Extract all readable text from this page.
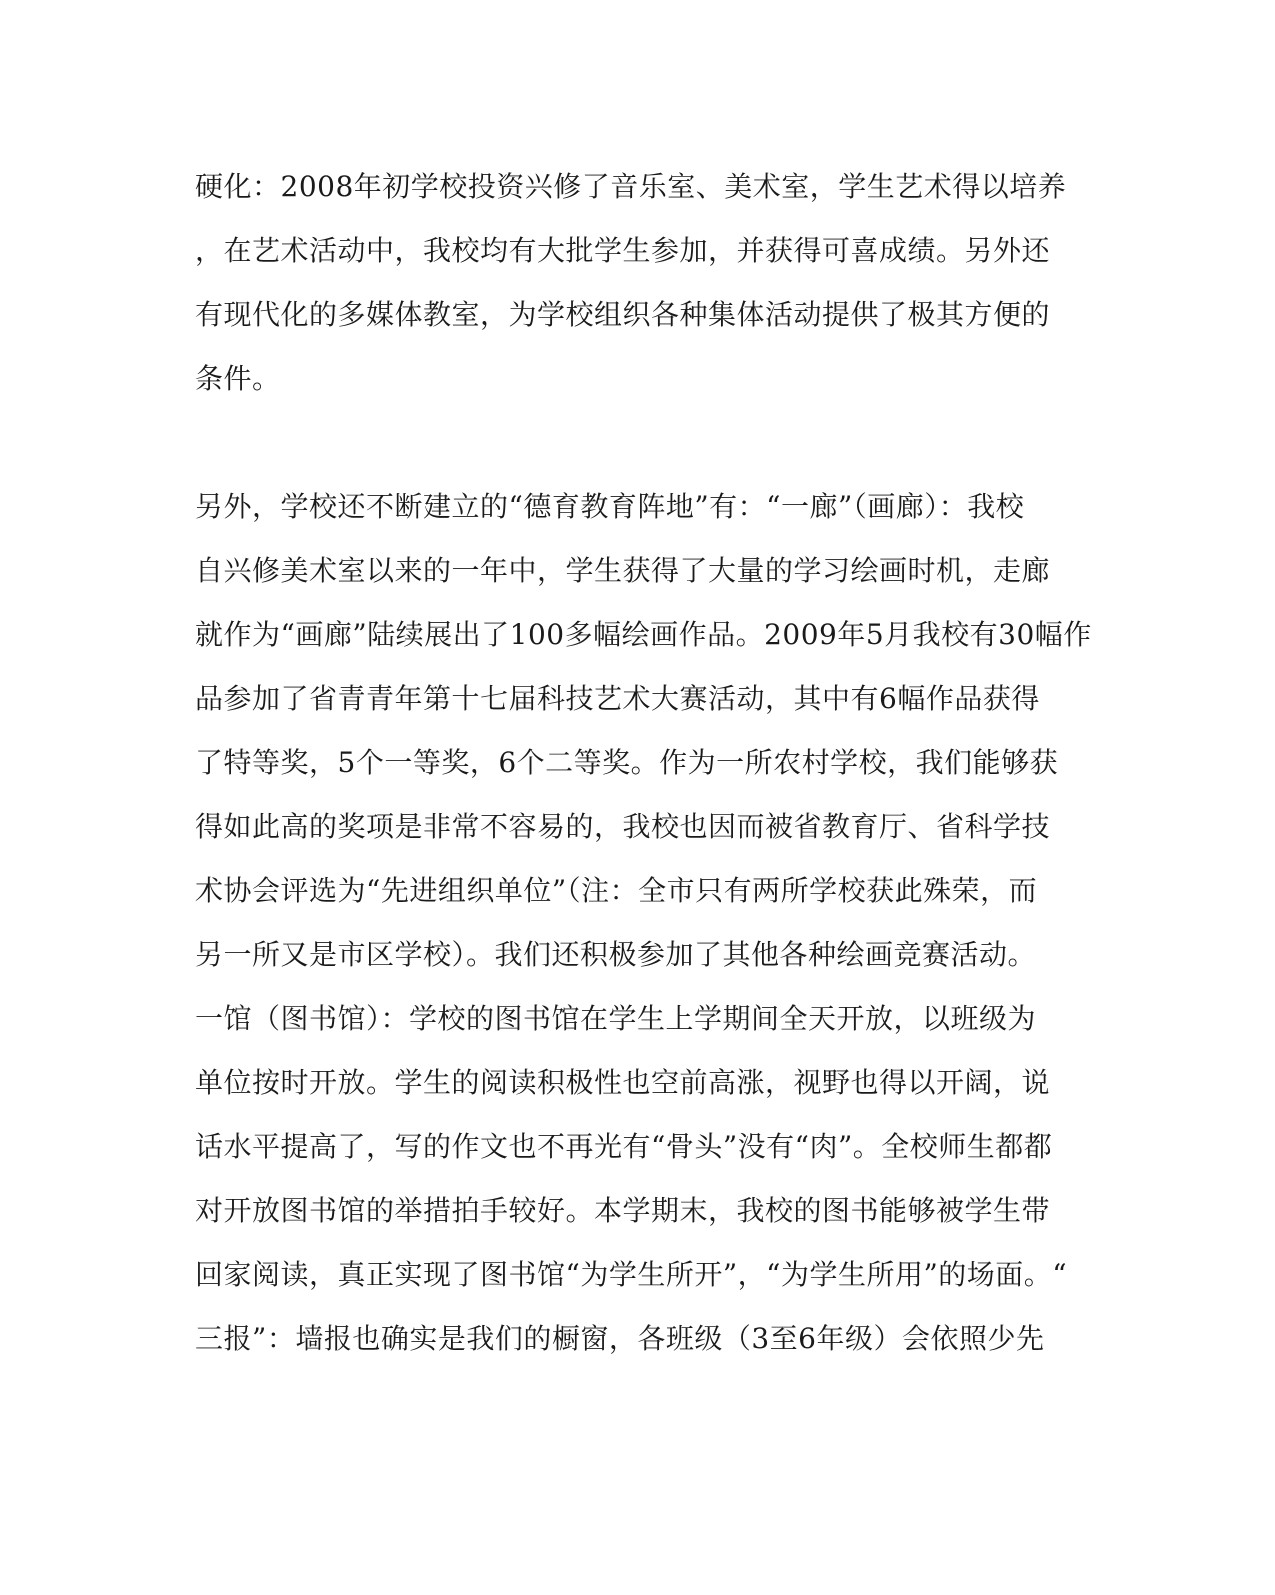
硬化：2008年初学校投资兴修了音乐室、美术室，学生艺术得以培养
，在艺术活动中，我校均有大批学生参加，并获得可喜成绩。另外还
有现代化的多媒体教室，为学校组织各种集体活动提供了极其方便的
条件。
另外，学校还不断建立的“德育教育阵地”有：“一廊”（画廊）：我校
自兴修美术室以来的一年中，学生获得了大量的学习绘画时机，走廊
就作为“画廊”陆续展出了100多幅绘画作品。2009年5月我校有30幅作
品参加了省青青年第十七届科技艺术大赛活动，其中有6幅作品获得
了特等奖，5个一等奖，6个二等奖。作为一所农村学校，我们能够获
得如此高的奖项是非常不容易的，我校也因而被省教育厅、省科学技
术协会评选为“先进组织单位”（注：全市只有两所学校获此殊荣，而
另一所又是市区学校）。我们还积极参加了其他各种绘画竞赛活动。
一馆（图书馆）：学校的图书馆在学生上学期间全天开放，以班级为
单位按时开放。学生的阅读积极性也空前高涨，视野也得以开阔，说
话水平提高了，写的作文也不再光有“骨头”没有“肉”。全校师生都都
对开放图书馆的举措拍手较好。本学期末，我校的图书能够被学生带
回家阅读，真正实现了图书馆“为学生所开”，“为学生所用”的场面。“
三报”：墙报也确实是我们的橱窗，各班级（3至6年级）会依照少先
